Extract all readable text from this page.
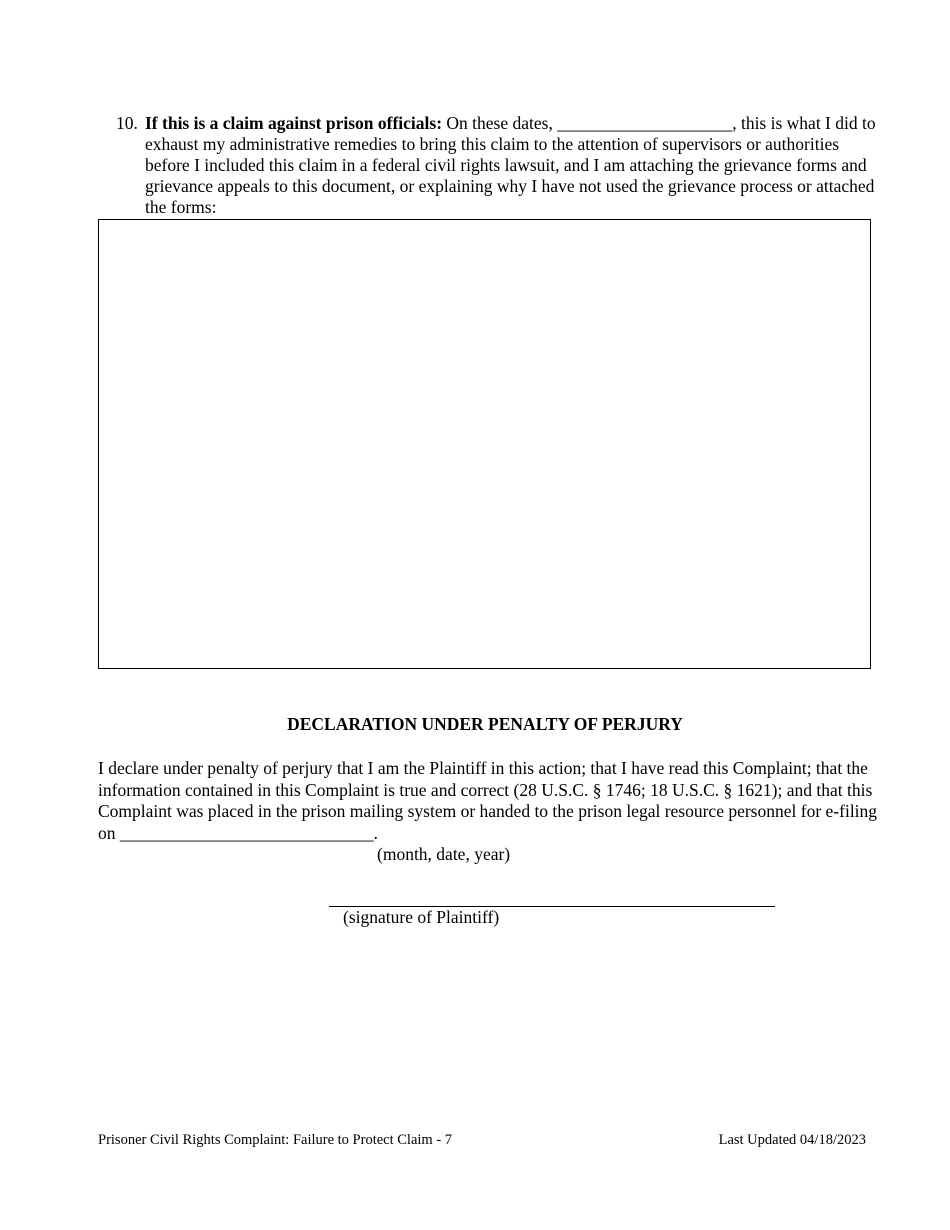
10. If this is a claim against prison officials: On these dates, ____________________, this is what I did to exhaust my administrative remedies to bring this claim to the attention of supervisors or authorities before I included this claim in a federal civil rights lawsuit, and I am attaching the grievance forms and grievance appeals to this document, or explaining why I have not used the grievance process or attached the forms:
DECLARATION UNDER PENALTY OF PERJURY
I declare under penalty of perjury that I am the Plaintiff in this action; that I have read this Complaint; that the information contained in this Complaint is true and correct (28 U.S.C. § 1746; 18 U.S.C. § 1621); and that this Complaint was placed in the prison mailing system or handed to the prison legal resource personnel for e-filing on _____________________________.
(month, date, year)
(signature of Plaintiff)
Prisoner Civil Rights Complaint: Failure to Protect Claim - 7	Last Updated 04/18/2023
